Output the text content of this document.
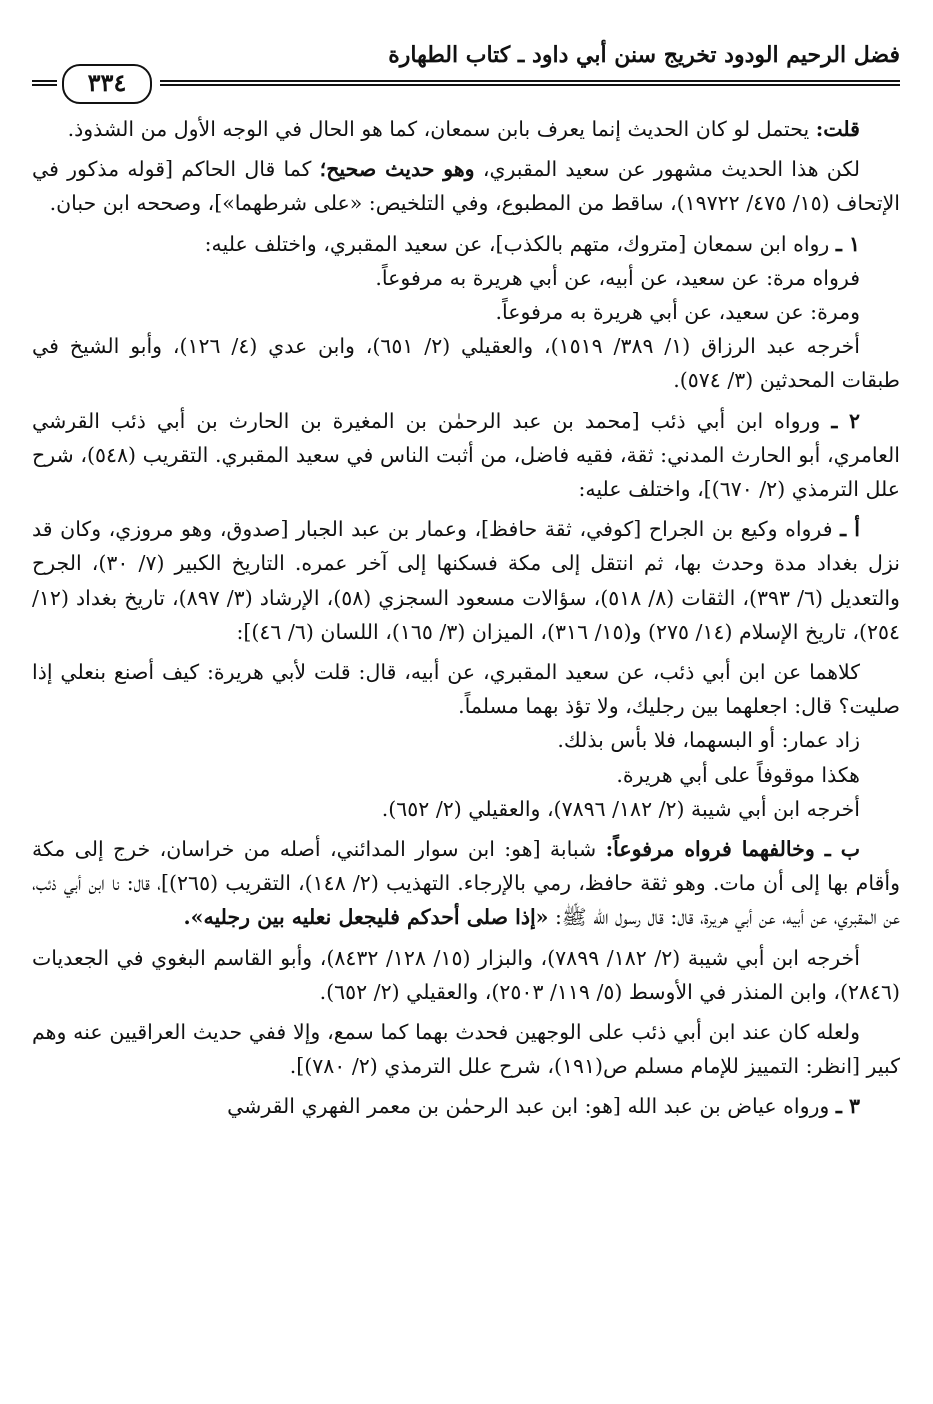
فضل الرحيم الودود تخريج سنن أبي داود ـ كتاب الطهارة
٣٣٤

قلت: يحتمل لو كان الحديث إنما يعرف بابن سمعان، كما هو الحال في الوجه الأول من الشذوذ.

لكن هذا الحديث مشهور عن سعيد المقبري، وهو حديث صحيح؛ كما قال الحاكم [قوله مذكور في الإتحاف (١٥/ ٤٧٥/ ١٩٧٢٢)، ساقط من المطبوع، وفي التلخيص: «على شرطهما»]، وصححه ابن حبان.

١ ـ رواه ابن سمعان [متروك، متهم بالكذب]، عن سعيد المقبري، واختلف عليه:

فرواه مرة: عن سعيد، عن أبيه، عن أبي هريرة به مرفوعاً.

ومرة: عن سعيد، عن أبي هريرة به مرفوعاً.

أخرجه عبد الرزاق (١/ ٣٨٩/ ١٥١٩)، والعقيلي (٢/ ٦٥١)، وابن عدي (٤/ ١٢٦)، وأبو الشيخ في طبقات المحدثين (٣/ ٥٧٤).

٢ ـ ورواه ابن أبي ذئب [محمد بن عبد الرحمٰن بن المغيرة بن الحارث بن أبي ذئب القرشي العامري، أبو الحارث المدني: ثقة، فقيه فاضل، من أثبت الناس في سعيد المقبري. التقريب (٥٤٨)، شرح علل الترمذي (٢/ ٦٧٠)]، واختلف عليه:

أ ـ فرواه وكيع بن الجراح [كوفي، ثقة حافظ]، وعمار بن عبد الجبار [صدوق، وهو مروزي، وكان قد نزل بغداد مدة وحدث بها، ثم انتقل إلى مكة فسكنها إلى آخر عمره. التاريخ الكبير (٧/ ٣٠)، الجرح والتعديل (٦/ ٣٩٣)، الثقات (٨/ ٥١٨)، سؤالات مسعود السجزي (٥٨)، الإرشاد (٣/ ٨٩٧)، تاريخ بغداد (١٢/ ٢٥٤)، تاريخ الإسلام (١٤/ ٢٧٥) و(١٥/ ٣١٦)، الميزان (٣/ ١٦٥)، اللسان (٦/ ٤٦)]:

كلاهما عن ابن أبي ذئب، عن سعيد المقبري، عن أبيه، قال: قلت لأبي هريرة: كيف أصنع بنعلي إذا صليت؟ قال: اجعلهما بين رجليك، ولا تؤذ بهما مسلماً.

زاد عمار: أو البسهما، فلا بأس بذلك.

هكذا موقوفاً على أبي هريرة.

أخرجه ابن أبي شيبة (٢/ ١٨٢/ ٧٨٩٦)، والعقيلي (٢/ ٦٥٢).

ب ـ وخالفهما فرواه مرفوعاً: شبابة [هو: ابن سوار المدائني، أصله من خراسان، خرج إلى مكة وأقام بها إلى أن مات. وهو ثقة حافظ، رمي بالإرجاء. التهذيب (٢/ ١٤٨)، التقريب (٢٦٥)]، قال: نا ابن أبي ذئب، عن المقبري، عن أبيه، عن أبي هريرة، قال: قال رسول الله ﷺ: «إذا صلى أحدكم فليجعل نعليه بين رجليه».

أخرجه ابن أبي شيبة (٢/ ١٨٢/ ٧٨٩٩)، والبزار (١٥/ ١٢٨/ ٨٤٣٢)، وأبو القاسم البغوي في الجعديات (٢٨٤٦)، وابن المنذر في الأوسط (٥/ ١١٩/ ٢٥٠٣)، والعقيلي (٢/ ٦٥٢).

ولعله كان عند ابن أبي ذئب على الوجهين فحدث بهما كما سمع، وإلا ففي حديث العراقيين عنه وهم كبير [انظر: التمييز للإمام مسلم ص(١٩١)، شرح علل الترمذي (٢/ ٧٨٠)].

٣ ـ ورواه عياض بن عبد الله [هو: ابن عبد الرحمٰن بن معمر الفهري القرشي
